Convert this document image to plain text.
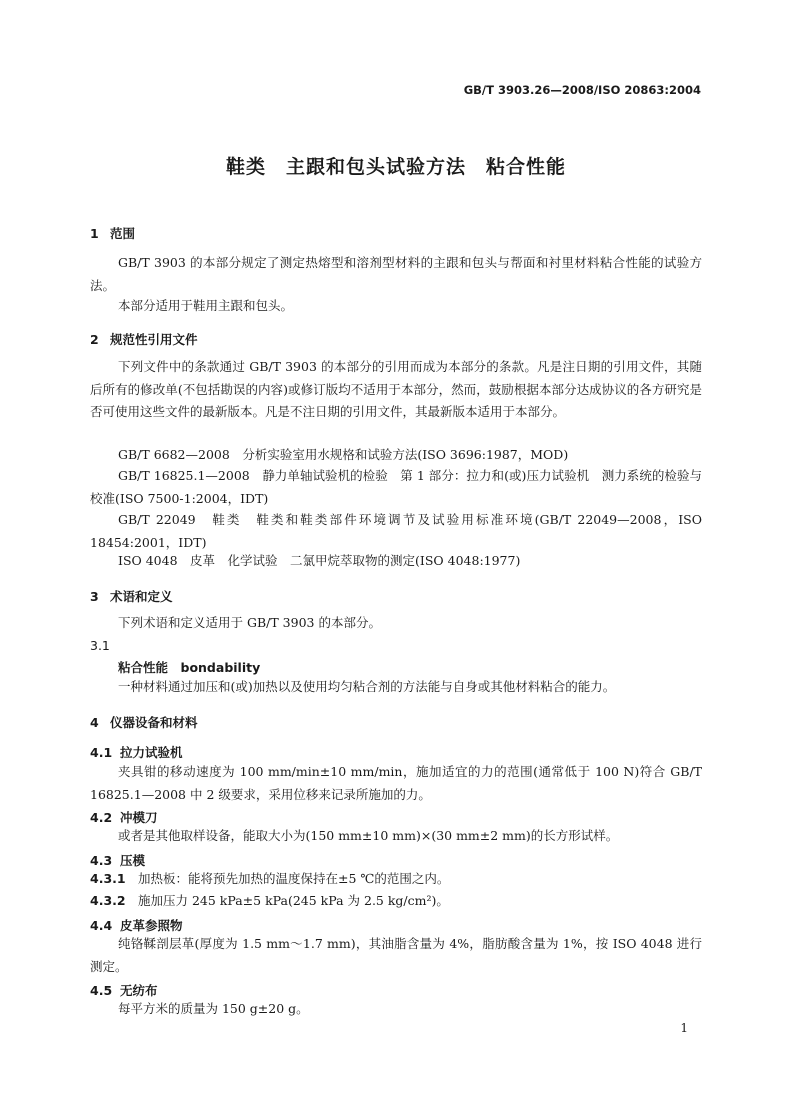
GB/T 3903.26—2008/ISO 20863:2004
鞋类　主跟和包头试验方法　粘合性能
1 范围
GB/T 3903 的本部分规定了测定热熔型和溶剂型材料的主跟和包头与帮面和衬里材料粘合性能的试验方法。
本部分适用于鞋用主跟和包头。
2 规范性引用文件
下列文件中的条款通过 GB/T 3903 的本部分的引用而成为本部分的条款。凡是注日期的引用文件，其随后所有的修改单(不包括勘误的内容)或修订版均不适用于本部分，然而，鼓励根据本部分达成协议的各方研究是否可使用这些文件的最新版本。凡是不注日期的引用文件，其最新版本适用于本部分。
GB/T 6682—2008　分析实验室用水规格和试验方法(ISO 3696:1987，MOD)
GB/T 16825.1—2008　静力单轴试验机的检验　第 1 部分：拉力和(或)压力试验机　测力系统的检验与校准(ISO 7500-1:2004，IDT)
GB/T 22049　鞋类　鞋类和鞋类部件环境调节及试验用标准环境(GB/T 22049—2008，ISO 18454:2001，IDT)
ISO 4048　皮革　化学试验　二氯甲烷萃取物的测定(ISO 4048:1977)
3 术语和定义
下列术语和定义适用于 GB/T 3903 的本部分。
3.1
粘合性能　bondability
一种材料通过加压和(或)加热以及使用均匀粘合剂的方法能与自身或其他材料粘合的能力。
4 仪器设备和材料
4.1 拉力试验机
夹具钳的移动速度为 100 mm/min±10 mm/min，施加适宜的力的范围(通常低于 100 N)符合 GB/T 16825.1—2008 中 2 级要求，采用位移来记录所施加的力。
4.2 冲模刀
或者是其他取样设备，能取大小为(150 mm±10 mm)×(30 mm±2 mm)的长方形试样。
4.3 压模
4.3.1 加热板：能将预先加热的温度保持在±5 ℃的范围之内。
4.3.2 施加压力 245 kPa±5 kPa(245 kPa 为 2.5 kg/cm²)。
4.4 皮革参照物
纯铬鞣剖层革(厚度为 1.5 mm～1.7 mm)，其油脂含量为 4%，脂肪酸含量为 1%，按 ISO 4048 进行测定。
4.5 无纺布
每平方米的质量为 150 g±20 g。
1
